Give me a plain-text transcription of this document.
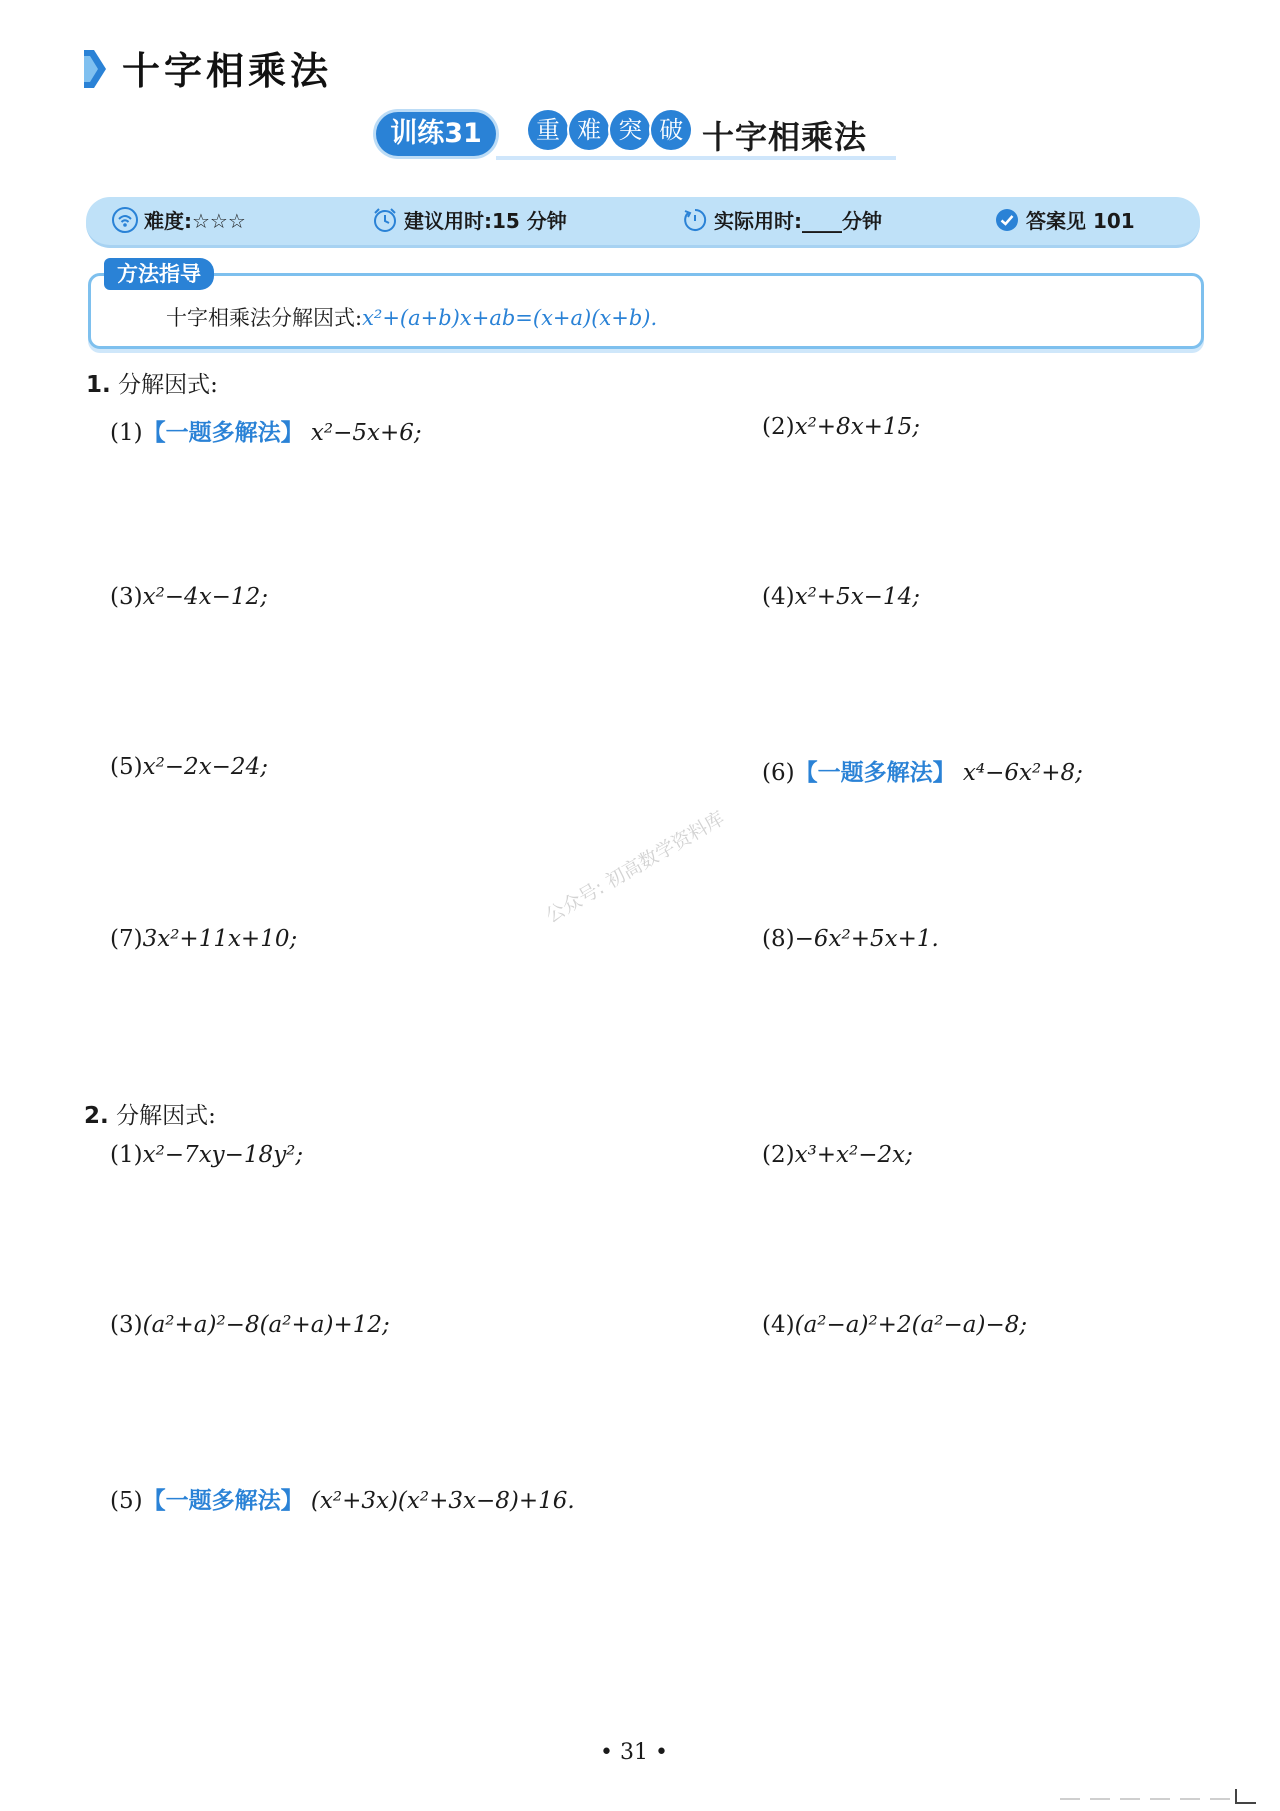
十字相乘法
训练31	重 难 突 破 十字相乘法
难度:☆☆☆	建议用时:15 分钟	实际用时:____分钟	答案见 101
方法指导
十字相乘法分解因式:x²+(a+b)x+ab=(x+a)(x+b).
1. 分解因式:
(1)【一题多解法】 x²−5x+6;	(2)x²+8x+15;
(3)x²−4x−12;	(4)x²+5x−14;
(5)x²−2x−24;	(6)【一题多解法】 x⁴−6x²+8;
(7)3x²+11x+10;	(8)−6x²+5x+1.
公众号: 初高数学资料库
2. 分解因式:
(1)x²−7xy−18y²;	(2)x³+x²−2x;
(3)(a²+a)²−8(a²+a)+12;	(4)(a²−a)²+2(a²−a)−8;
(5)【一题多解法】 (x²+3x)(x²+3x−8)+16.
• 31 •
